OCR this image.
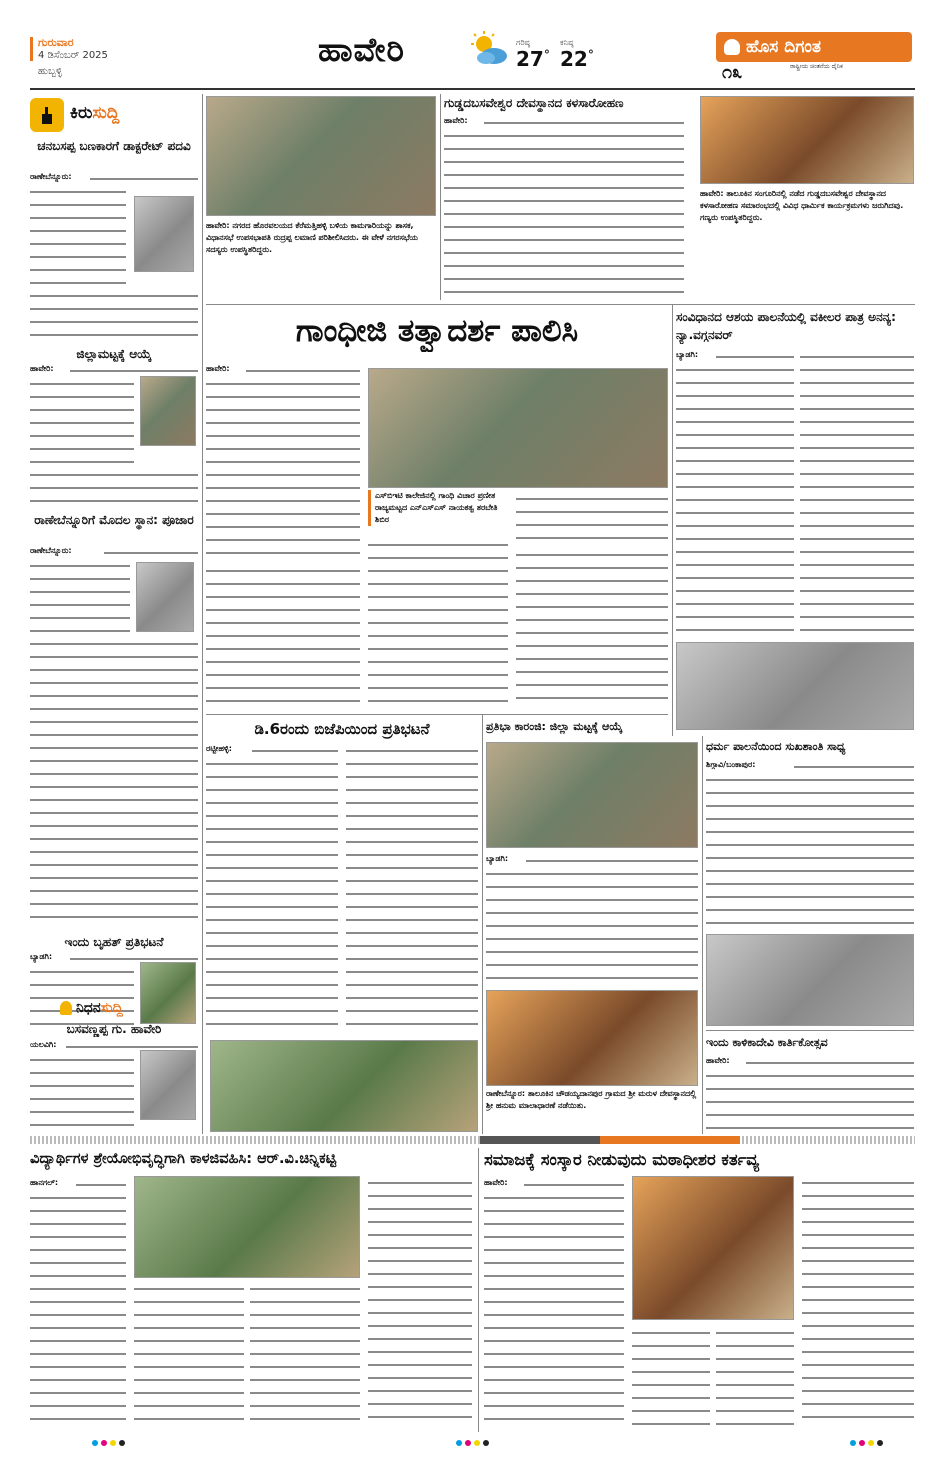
ಗುರುವಾರ
4 ಡಿಸೆಂಬರ್ 2025
ಹುಬ್ಬಳ್ಳಿ
ಹಾವೇರಿ	ಗರಿಷ್ಠ
27 °
ಕನಿಷ್ಠ
22 °	ಹೊಸ ದಿಗಂತ
ರಾಷ್ಟ್ರೀಯ ಚಿಂತನೆಯ ದೈನಿಕ
೧೩
ಕಿರುಸುದ್ದಿ
ಚನಬಸಪ್ಪ ಬಣಕಾರಗೆ ಡಾಕ್ಟರೇಟ್ ಪದವಿ
ರಾಣೇಬೆನ್ನೂರು:
ಜಿಲ್ಲಾಮಟ್ಟಕ್ಕೆ ಆಯ್ಕೆ
ಹಾವೇರಿ:
ರಾಣೇಬೆನ್ನೂರಿಗೆ ಮೊದಲ ಸ್ಥಾನ: ಪೂಜಾರ
ರಾಣೇಬೆನ್ನೂರು:
ಇಂದು ಬೃಹತ್ ಪ್ರತಿಭಟನೆ
ಬ್ಯಾಡಗಿ:
ನಿಧನ ಸುದ್ದಿ
ಬಸವಣ್ಣಪ್ಪ ಗು. ಹಾವೇರಿ
ಯಲವಿಗಿ:
ಹಾವೇರಿ: ನಗರದ ಹೊರವಲಯದ ಕೆರೆಮತ್ತಿಹಳ್ಳಿ ಬಳಿಯ ಕಾಮಗಾರಿಯನ್ನು ಶಾಸಕ, ವಿಧಾನಸಭೆ ಉಪಸಭಾಪತಿ ರುದ್ರಪ್ಪ ಲಮಾಣಿ ಪರಿಶೀಲಿಸಿದರು. ಈ ವೇಳೆ ನಗರಸಭೆಯ ಸದಸ್ಯರು ಉಪಸ್ಥಿತರಿದ್ದರು.
ಗುಡ್ಡದಬಸವೇಶ್ವರ ದೇವಸ್ಥಾನದ ಕಳಸಾರೋಹಣ
ಹಾವೇರಿ:
ಹಾವೇರಿ: ತಾಲೂಕಿನ ಸಂಗೂರಿನಲ್ಲಿ ನಡೆದ ಗುಡ್ಡದಬಸವೇಶ್ವರ ದೇವಸ್ಥಾನದ ಕಳಸಾರೋಹಣ ಸಮಾರಂಭದಲ್ಲಿ ವಿವಿಧ ಧಾರ್ಮಿಕ ಕಾರ್ಯಕ್ರಮಗಳು ಜರುಗಿದವು. ಗಣ್ಯರು ಉಪಸ್ಥಿತರಿದ್ದರು.
ಗಾಂಧೀಜಿ ತತ್ವಾದರ್ಶ ಪಾಲಿಸಿ
ಹಾವೇರಿ:
ಎಸ್‌ಬಿಇಟಿ ಕಾಲೇಜಿನಲ್ಲಿ ಗಾಂಧಿ ವಿಚಾರ ಪ್ರಣೀತ ರಾಜ್ಯಮಟ್ಟದ ಎನ್ಎಸ್ಎಸ್ ನಾಯಕತ್ವ ತರಬೇತಿ ಶಿಬಿರ
ಸಂವಿಧಾನದ ಆಶಯ ಪಾಲನೆಯಲ್ಲಿ ವಕೀಲರ ಪಾತ್ರ ಅನನ್ಯ: ನ್ಯಾ.ವಗ್ಗನವರ್
ಬ್ಯಾಡಗಿ:
ಡಿ.6ರಂದು ಬಿಜೆಪಿಯಿಂದ ಪ್ರತಿಭಟನೆ
ರಟ್ಟೀಹಳ್ಳಿ:
ಪ್ರತಿಭಾ ಕಾರಂಜಿ: ಜಿಲ್ಲಾ ಮಟ್ಟಕ್ಕೆ ಆಯ್ಕೆ
ಬ್ಯಾಡಗಿ:
ರಾಣೇಬೆನ್ನೂರ: ತಾಲೂಕಿನ ಚೌಡಯ್ಯದಾನಪುರ ಗ್ರಾಮದ ಶ್ರೀ ಮರುಳ ದೇವಸ್ಥಾನದಲ್ಲಿ ಶ್ರೀ ಹನುಮ ಮಾಲಾಧಾರಣೆ ನಡೆಯಿತು.
ಧರ್ಮ ಪಾಲನೆಯಿಂದ ಸುಖಶಾಂತಿ ಸಾಧ್ಯ
ಶಿಗ್ಗಾವಿ/ಬಂಕಾಪುರ:
ಇಂದು ಕಾಳಿಕಾದೇವಿ ಕಾರ್ತಿಕೋತ್ಸವ
ಹಾವೇರಿ:
ವಿದ್ಯಾರ್ಥಿಗಳ ಶ್ರೇಯೋಭಿವೃದ್ಧಿಗಾಗಿ ಕಾಳಜಿವಹಿಸಿ: ಆರ್.ವಿ.ಚಿನ್ನಿಕಟ್ಟಿ
ಹಾನಗಲ್:
ಸಮಾಜಕ್ಕೆ ಸಂಸ್ಕಾರ ನೀಡುವುದು ಮಠಾಧೀಶರ ಕರ್ತವ್ಯ
ಹಾವೇರಿ:
